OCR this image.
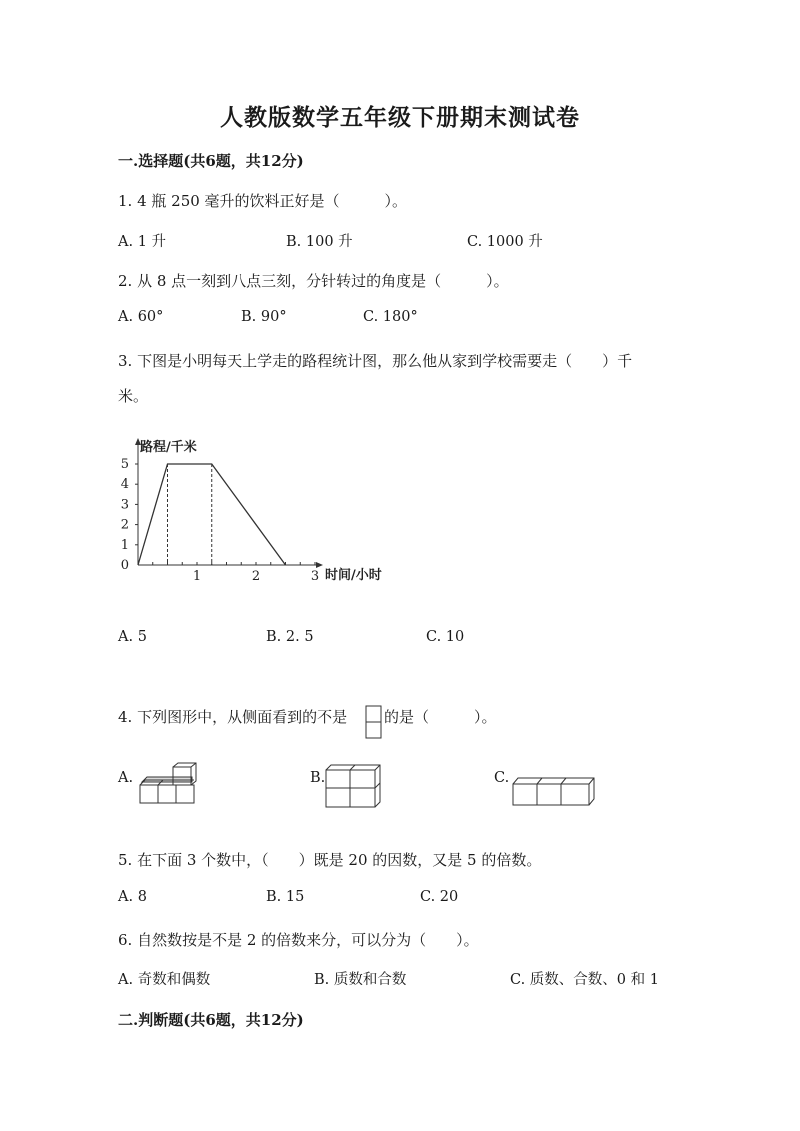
人教版数学五年级下册期末测试卷
一.选择题(共6题，共12分)
1. 4 瓶 250 毫升的饮料正好是（　　　）。
A. 1 升	B. 100 升	C. 1000 升
2. 从 8 点一刻到八点三刻，分针转过的角度是（　　　）。
A. 60°	B. 90°	C. 180°
3. 下图是小明每天上学走的路程统计图，那么他从家到学校需要走（　　）千
米。
路程/千米
时间/小时
0
1
2
3
4
5
1	2	3
A. 5	B. 2. 5	C. 10
4. 下列图形中，从侧面看到的不是 的是（　　　）。
A.	B.	C.
5. 在下面 3 个数中，（　　）既是 20 的因数，又是 5 的倍数。
A. 8	B. 15	C. 20
6. 自然数按是不是 2 的倍数来分，可以分为（　　）。
A. 奇数和偶数	B. 质数和合数	C. 质数、合数、0 和 1
二.判断题(共6题，共12分)
